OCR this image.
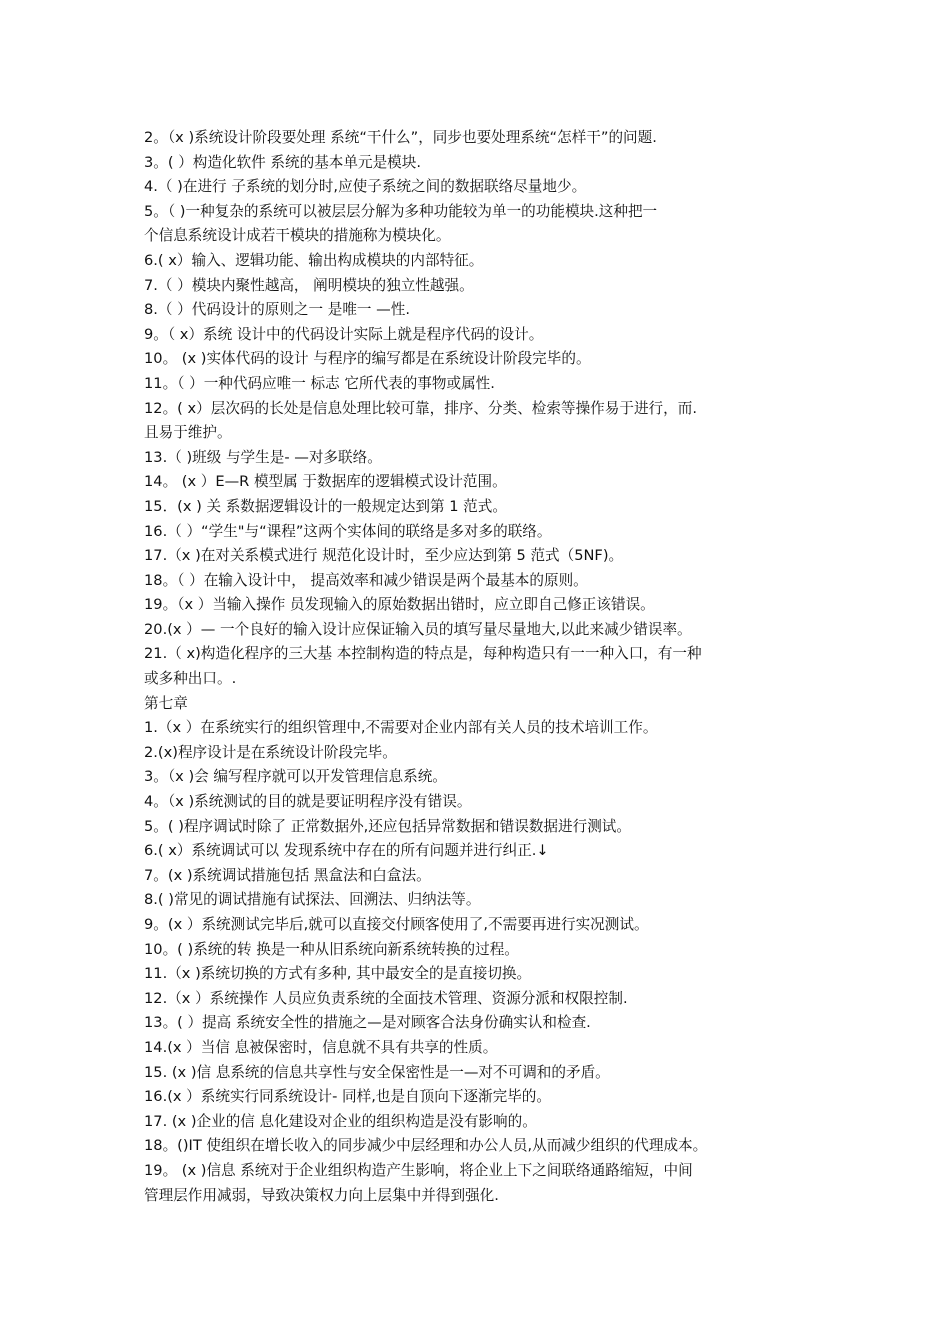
2。（x )系统设计阶段要处理 系统“干什么”，同步也要处理系统“怎样干”的问题.
3。( ）构造化软件 系统的基本单元是模块.
4.（ )在进行 子系统的划分时,应使子系统之间的数据联络尽量地少。
5。（ )一种复杂的系统可以被层层分解为多种功能较为单一的功能模块.这种把一
个信息系统设计成若干模块的措施称为模块化。
6.( x）输入、逻辑功能、输出构成模块的内部特征。
7.（ ）模块内聚性越高， 阐明模块的独立性越强。
8.（ ）代码设计的原则之一 是唯一 —性.
9。（ x）系统 设计中的代码设计实际上就是程序代码的设计。
10。 (x )实体代码的设计 与程序的编写都是在系统设计阶段完毕的。
11。（ ）一种代码应唯一 标志 它所代表的事物或属性.
12。( x）层次码的长处是信息处理比较可靠，排序、分类、检索等操作易于进行，而.
且易于维护。
13.（ )班级 与学生是- —对多联络。
14。 (x ）E—R 模型属 于数据库的逻辑模式设计范围。
15．(x ) 关 系数据逻辑设计的一般规定达到第 1 范式。
16.（ ）“学生"与“课程”这两个实体间的联络是多对多的联络。
17.（x )在对关系模式进行 规范化设计时，至少应达到第 5 范式（5NF)。
18。（ ）在输入设计中， 提高效率和减少错误是两个最基本的原则。
19。（x ）当输入操作 员发现输入的原始数据出错时，应立即自己修正该错误。
20.(x ）— 一个良好的输入设计应保证输入员的填写量尽量地大,以此来减少错误率。
21.（ x)构造化程序的三大基 本控制构造的特点是，每种构造只有一一种入口，有一种
或多种出口。.
第七章
1.（x ）在系统实行的组织管理中,不需要对企业内部有关人员的技术培训工作。
2.(x)程序设计是在系统设计阶段完毕。
3。（x )会 编写程序就可以开发管理信息系统。
4。（x )系统测试的目的就是要证明程序没有错误。
5。( )程序调试时除了 正常数据外,还应包括异常数据和错误数据进行测试。
6.( x）系统调试可以 发现系统中存在的所有问题并进行纠正.↓
7。(x )系统调试措施包括 黑盒法和白盒法。
8.( )常见的调试措施有试探法、回溯法、归纳法等。
9。(x ）系统测试完毕后,就可以直接交付顾客使用了,不需要再进行实况测试。
10。( )系统的转 换是一种从旧系统向新系统转换的过程。
11.（x )系统切换的方式有多种, 其中最安全的是直接切换。
12.（x ）系统操作 人员应负责系统的全面技术管理、资源分派和权限控制.
13。( ）提高 系统安全性的措施之—是对顾客合法身份确实认和检查.
14.(x ）当信 息被保密时，信息就不具有共享的性质。
15. (x )信 息系统的信息共享性与安全保密性是一—对不可调和的矛盾。
16.(x ）系统实行同系统设计- 同样,也是自顶向下逐渐完毕的。
17. (x )企业的信 息化建设对企业的组织构造是没有影响的。
18。()IT 使组织在增长收入的同步减少中层经理和办公人员,从而减少组织的代理成本。
19。 (x )信息 系统对于企业组织构造产生影响，将企业上下之间联络通路缩短，中间
管理层作用减弱，导致决策权力向上层集中并得到强化.
